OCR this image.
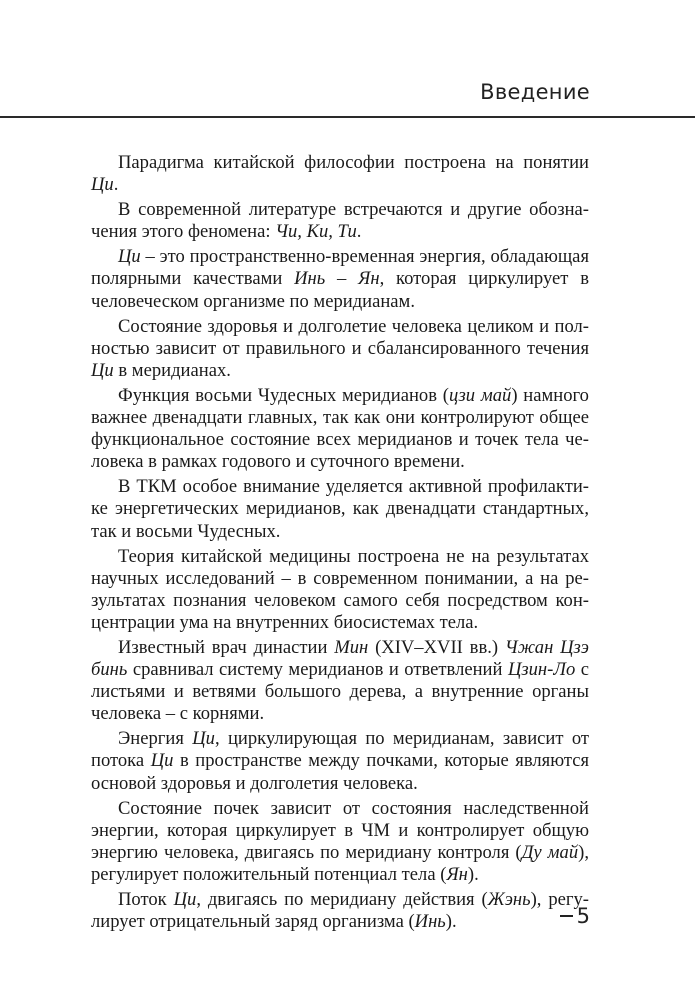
Введение

Парадигма китайской философии построена на понятии Ци.

В современной литературе встречаются и другие обозначения этого феномена: Чи, Ки, Ти.

Ци – это пространственно-временная энергия, обладающая полярными качествами Инь – Ян, которая циркулирует в человеческом организме по меридианам.

Состояние здоровья и долголетие человека целиком и полностью зависит от правильного и сбалансированного течения Ци в меридианах.

Функция восьми Чудесных меридианов (цзи май) намного важнее двенадцати главных, так как они контролируют общее функциональное состояние всех меридианов и точек тела человека в рамках годового и суточного времени.

В ТКМ особое внимание уделяется активной профилактике энергетических меридианов, как двенадцати стандартных, так и восьми Чудесных.

Теория китайской медицины построена не на результатах научных исследований – в современном понимании, а на результатах познания человеком самого себя посредством концентрации ума на внутренних биосистемах тела.

Известный врач династии Мин (XIV–XVII вв.) Чжан Цзэ бинь сравнивал систему меридианов и ответвлений Цзин-Ло с листьями и ветвями большого дерева, а внутренние органы человека – с корнями.

Энергия Ци, циркулирующая по меридианам, зависит от потока Ци в пространстве между почками, которые являются основой здоровья и долголетия человека.

Состояние почек зависит от состояния наследственной энергии, которая циркулирует в ЧМ и контролирует общую энергию человека, двигаясь по меридиану контроля (Ду май), регулирует положительный потенциал тела (Ян).

Поток Ци, двигаясь по меридиану действия (Жэнь), регулирует отрицательный заряд организма (Инь).	5
